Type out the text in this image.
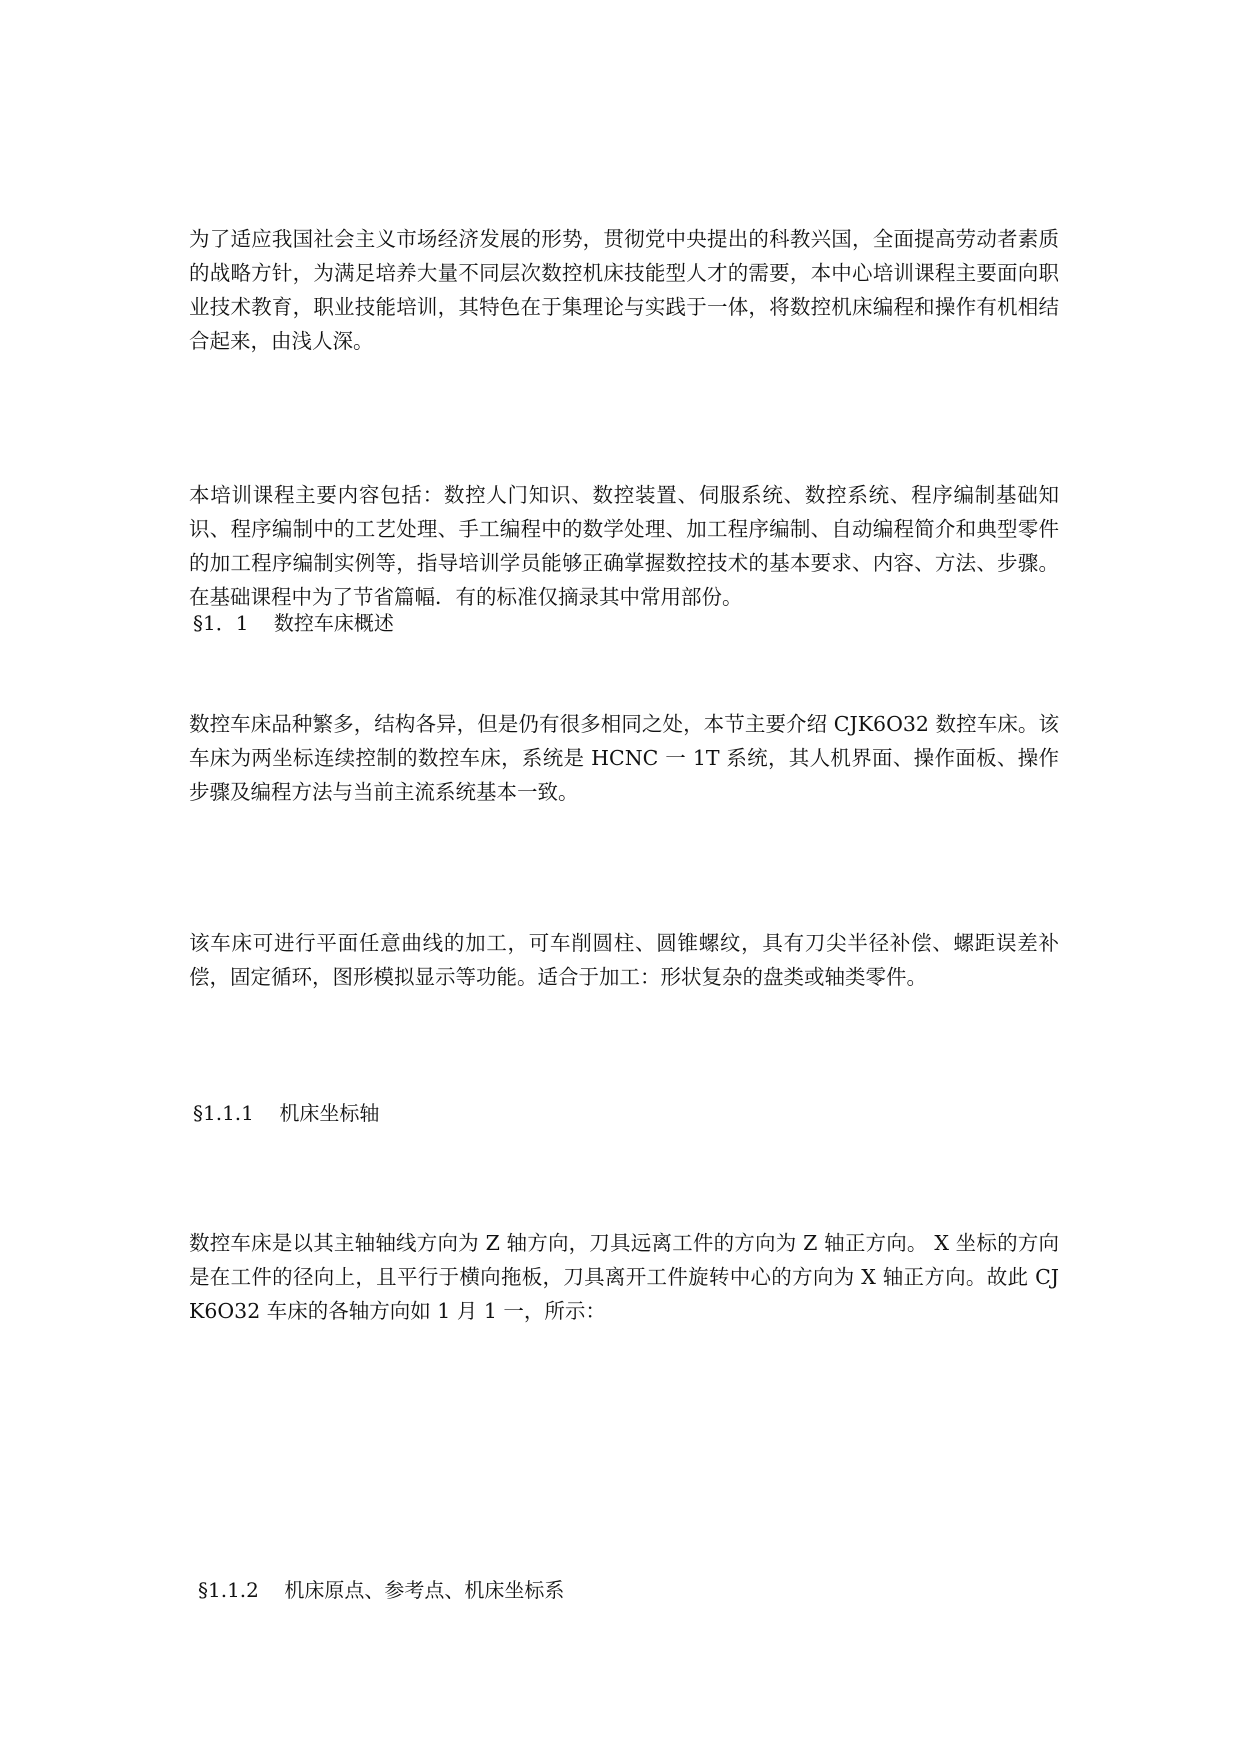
为了适应我国社会主义市场经济发展的形势，贯彻党中央提出的科教兴国，全面提高劳动者素质的战略方针，为满足培养大量不同层次数控机床技能型人才的需要，本中心培训课程主要面向职业技术教育，职业技能培训，其特色在于集理论与实践于一体，将数控机床编程和操作有机相结合起来，由浅人深。

本培训课程主要内容包括：数控人门知识、数控装置、伺服系统、数控系统、程序编制基础知识、程序编制中的工艺处理、手工编程中的数学处理、加工程序编制、自动编程简介和典型零件的加工程序编制实例等，指导培训学员能够正确掌握数控技术的基本要求、内容、方法、步骤。在基础课程中为了节省篇幅．有的标准仅摘录其中常用部份。

§1．1    数控车床概述

数控车床品种繁多，结构各异，但是仍有很多相同之处，本节主要介绍 CJK6O32 数控车床。该车床为两坐标连续控制的数控车床，系统是 HCNC 一 1T 系统，其人机界面、操作面板、操作步骤及编程方法与当前主流系统基本一致。

该车床可进行平面任意曲线的加工，可车削圆柱、圆锥螺纹，具有刀尖半径补偿、螺距误差补偿，固定循环，图形模拟显示等功能。适合于加工：形状复杂的盘类或轴类零件。

§1.1.1    机床坐标轴

数控车床是以其主轴轴线方向为 Z 轴方向，刀具远离工件的方向为 Z 轴正方向。 X 坐标的方向是在工件的径向上，且平行于横向拖板，刀具离开工件旋转中心的方向为 X 轴正方向。故此 CJK6O32 车床的各轴方向如 1 月 1 一，所示：

§1.1.2    机床原点、参考点、机床坐标系
